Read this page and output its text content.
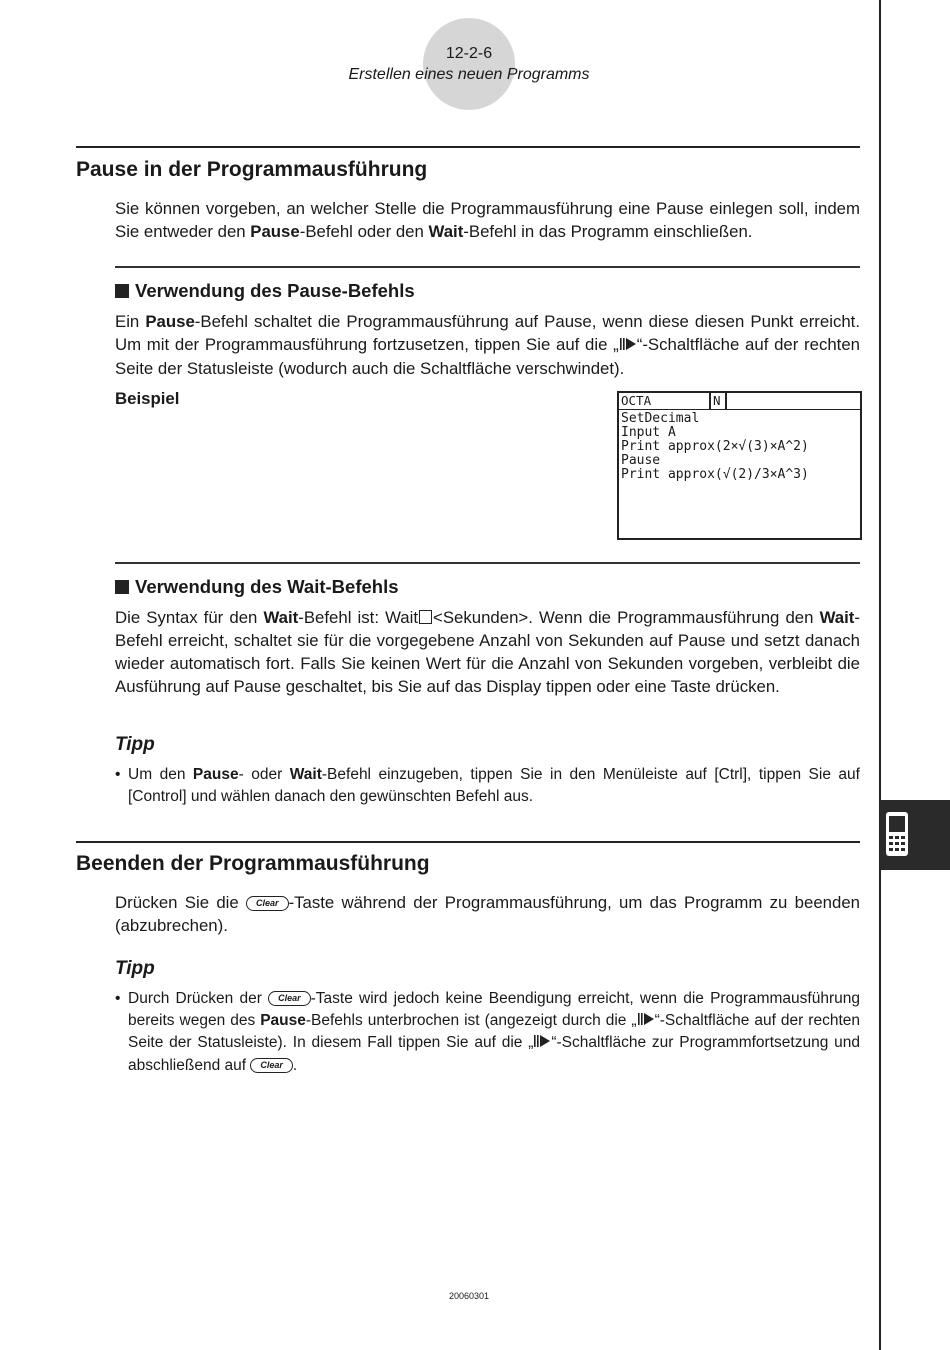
12-2-6
Erstellen eines neuen Programms
Pause in der Programmausführung
Sie können vorgeben, an welcher Stelle die Programmausführung eine Pause einlegen soll, indem Sie entweder den Pause-Befehl oder den Wait-Befehl in das Programm einschließen.
Verwendung des Pause-Befehls
Ein Pause-Befehl schaltet die Programmausführung auf Pause, wenn diese diesen Punkt erreicht. Um mit der Programmausführung fortzusetzen, tippen Sie auf die „ “-Schaltfläche auf der rechten Seite der Statusleiste (wodurch auch die Schaltfläche verschwindet).
Beispiel	OCTA	N
SetDecimal
Input A
Print approx(2×√(3)×A^2)
Pause
Print approx(√(2)/3×A^3)
Verwendung des Wait-Befehls
Die Syntax für den Wait-Befehl ist: Wait <Sekunden>. Wenn die Programmausführung den Wait-Befehl erreicht, schaltet sie für die vorgegebene Anzahl von Sekunden auf Pause und setzt danach wieder automatisch fort. Falls Sie keinen Wert für die Anzahl von Sekunden vorgeben, verbleibt die Ausführung auf Pause geschaltet, bis Sie auf das Display tippen oder eine Taste drücken.
Tipp
• Um den Pause- oder Wait-Befehl einzugeben, tippen Sie in den Menüleiste auf [Ctrl], tippen Sie auf [Control] und wählen danach den gewünschten Befehl aus.
Beenden der Programmausführung
Drücken Sie die Clear -Taste während der Programmausführung, um das Programm zu beenden (abzubrechen).
Tipp
• Durch Drücken der Clear -Taste wird jedoch keine Beendigung erreicht, wenn die Programmausführung bereits wegen des Pause-Befehls unterbrochen ist (angezeigt durch die „ “-Schaltfläche auf der rechten Seite der Statusleiste). In diesem Fall tippen Sie auf die „ “-Schaltfläche zur Programmfortsetzung und abschließend auf Clear .
20060301
